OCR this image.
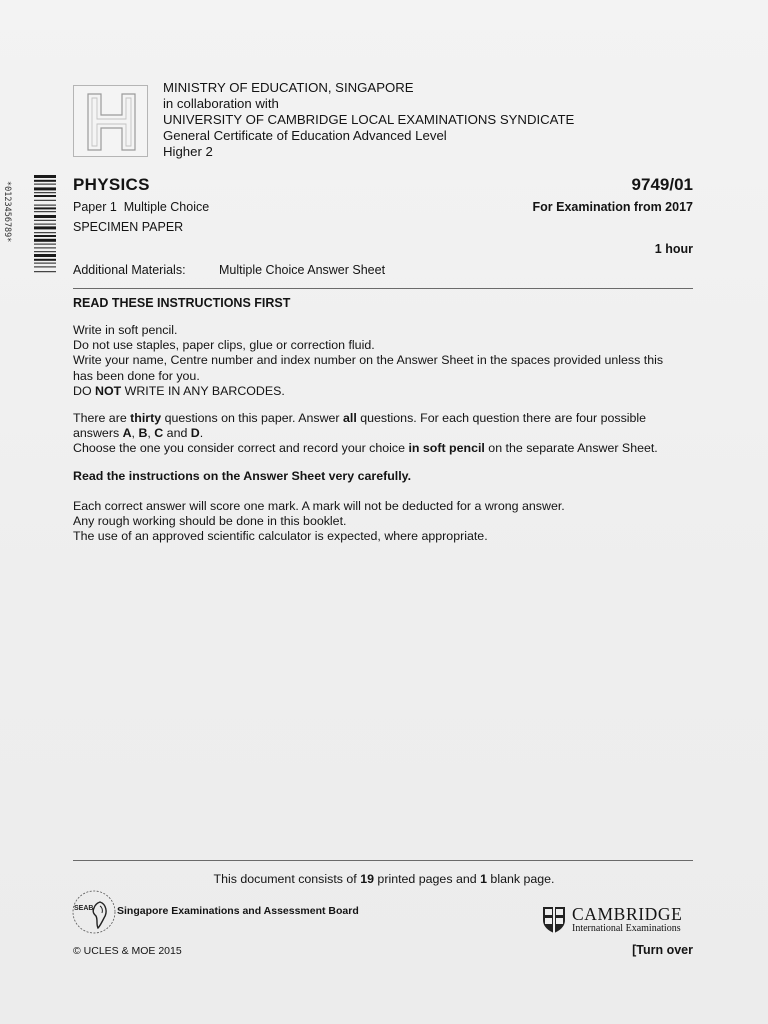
MINISTRY OF EDUCATION, SINGAPORE
in collaboration with
UNIVERSITY OF CAMBRIDGE LOCAL EXAMINATIONS SYNDICATE
General Certificate of Education Advanced Level
Higher 2
*0123456789*	PHYSICS	9749/01
Paper 1  Multiple Choice	For Examination from 2017
SPECIMEN PAPER
1 hour
Additional Materials:	Multiple Choice Answer Sheet
READ THESE INSTRUCTIONS FIRST
Write in soft pencil.
Do not use staples, paper clips, glue or correction fluid.
Write your name, Centre number and index number on the Answer Sheet in the spaces provided unless this
has been done for you.
DO NOT WRITE IN ANY BARCODES.
There are thirty questions on this paper. Answer all questions. For each question there are four possible
answers A, B, C and D.
Choose the one you consider correct and record your choice in soft pencil on the separate Answer Sheet.
Read the instructions on the Answer Sheet very carefully.
Each correct answer will score one mark. A mark will not be deducted for a wrong answer.
Any rough working should be done in this booklet.
The use of an approved scientific calculator is expected, where appropriate.
This document consists of 19 printed pages and 1 blank page.
SEAB Singapore Examinations and Assessment Board	CAMBRIDGE
International Examinations
© UCLES & MOE 2015	[Turn over
